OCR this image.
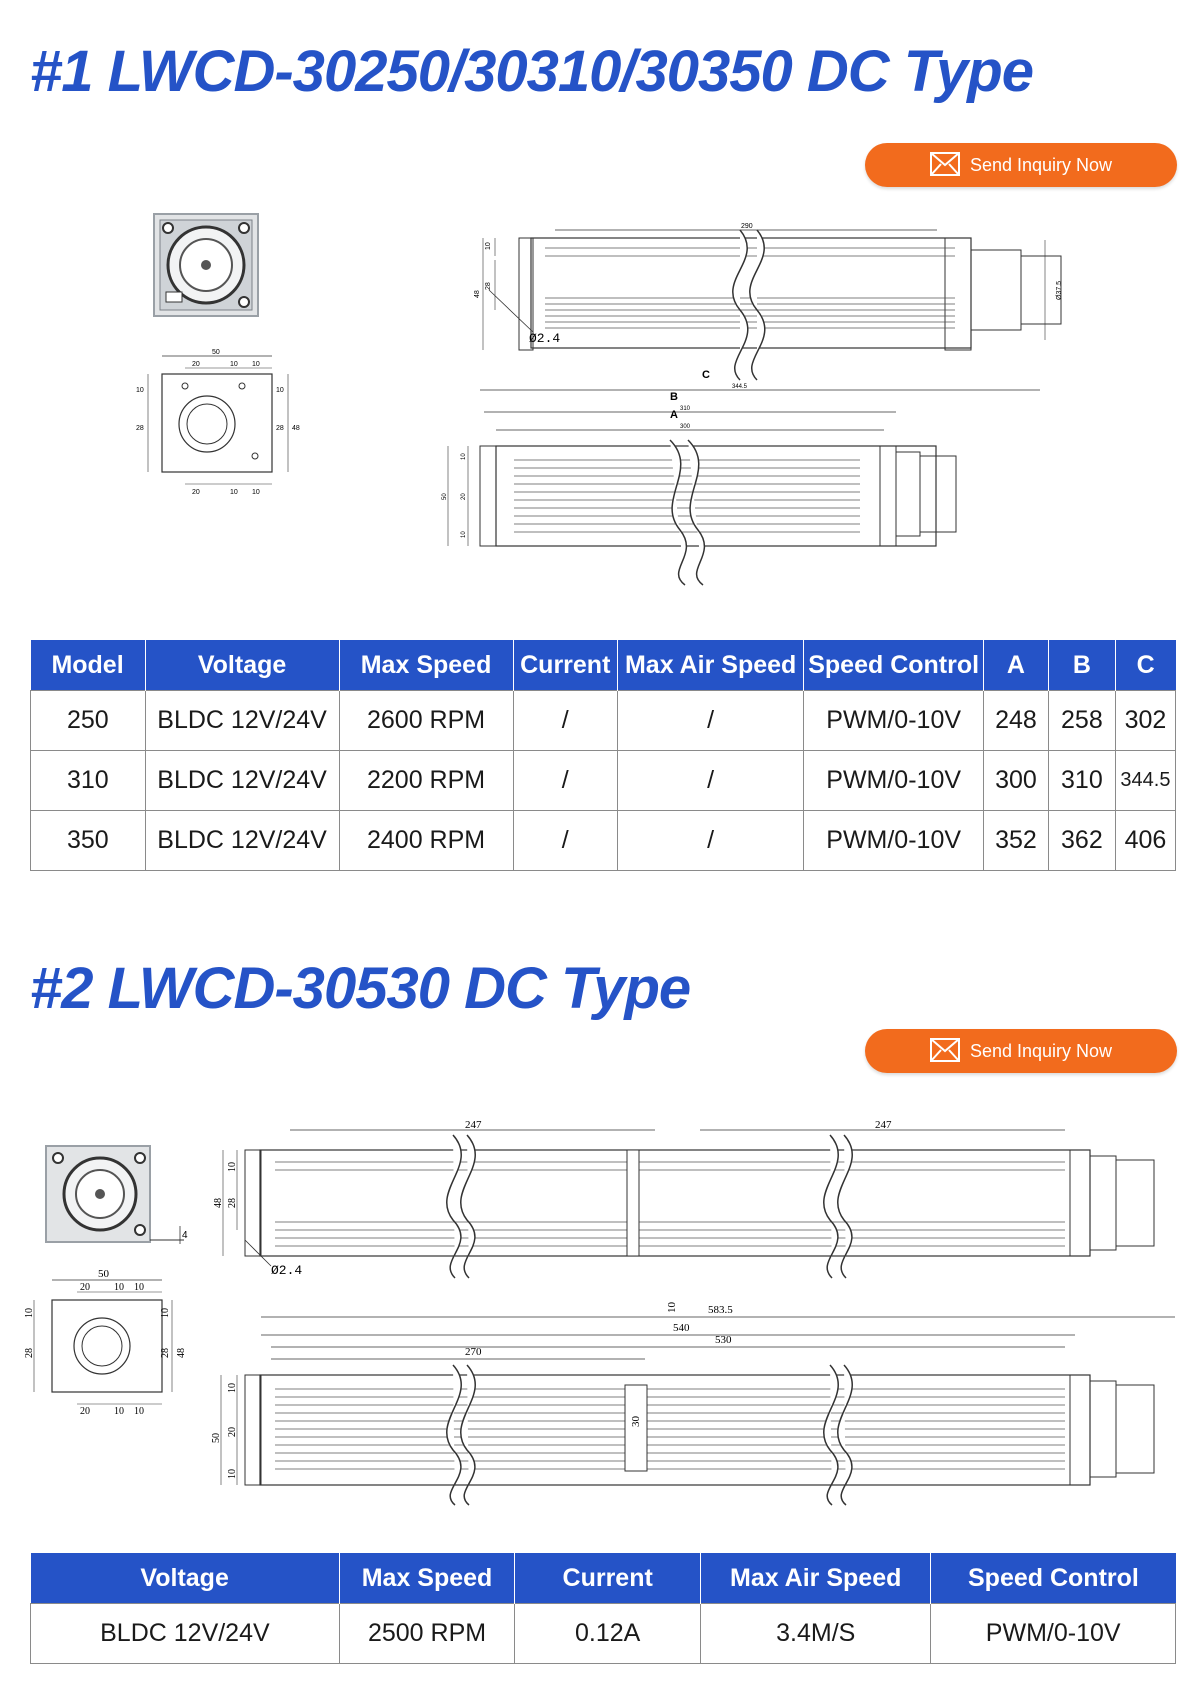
#1 LWCD-30250/30310/30350 DC Type
Send Inquiry Now
50
20	10 10
20	10 10
10
28
10
28 48
290
Ø37.5
10
28
48
Ø2.4
C
344.5
B
310
A
300
10
20
10
50
Model	Voltage	Max Speed	Current	Max Air Speed	Speed Control	A	B	C
250	BLDC 12V/24V	2600 RPM	/	/	PWM/0-10V	248	258	302
310	BLDC 12V/24V	2200 RPM	/	/	PWM/0-10V	300	310	344.5
350	BLDC 12V/24V	2400 RPM	/	/	PWM/0-10V	352	362	406
#2 LWCD-30530 DC Type
Send Inquiry Now
4
50
20 10 10
20 10 10
10
28
10
28 48
247	247
10
48 28
Ø2.4
10	583.5
540
530
270
30
10
20
10
50
Voltage	Max Speed	Current	Max Air Speed	Speed Control
BLDC 12V/24V	2500 RPM	0.12A	3.4M/S	PWM/0-10V
